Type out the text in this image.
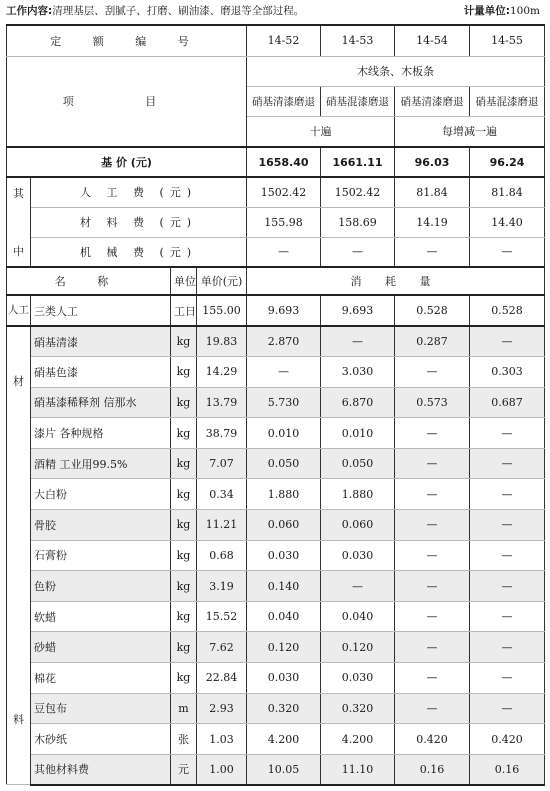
工作内容:清理基层、刮腻子、打磨、刷油漆、磨退等全部过程。	计量单位:100m
定 额 编 号				14-52	14-53	14-54	14-55
项 目				木线条、木板条			
				硝基清漆磨退	硝基混漆磨退	硝基清漆磨退	硝基混漆磨退
				十遍		每增减一遍	
基 价 (元)				1658.40	1661.11	96.03	96.24

其
中	人 工 费 (元)			1502.42	1502.42	81.84	81.84
	材 料 费 (元)			155.98	158.69	14.19	14.40
	机 械 费 (元)			—	—	—	—
名 称		单位	单价(元)	消 耗 量			
人工	三类人工	工日	155.00	9.693	9.693	0.528	0.528

材
料	硝基清漆	kg	19.83	2.870	—	0.287	—
	硝基色漆	kg	14.29	—	3.030	—	0.303
	硝基漆稀释剂 信那水	kg	13.79	5.730	6.870	0.573	0.687
	漆片 各种规格	kg	38.79	0.010	0.010	—	—
	酒精 工业用99.5%	kg	7.07	0.050	0.050	—	—
	大白粉	kg	0.34	1.880	1.880	—	—
	骨胶	kg	11.21	0.060	0.060	—	—
	石膏粉	kg	0.68	0.030	0.030	—	—
	色粉	kg	3.19	0.140	—	—	—
	软蜡	kg	15.52	0.040	0.040	—	—
	砂蜡	kg	7.62	0.120	0.120	—	—
	棉花	kg	22.84	0.030	0.030	—	—
	豆包布	m	2.93	0.320	0.320	—	—
	木砂纸	张	1.03	4.200	4.200	0.420	0.420
	其他材料费	元	1.00	10.05	11.10	0.16	0.16
